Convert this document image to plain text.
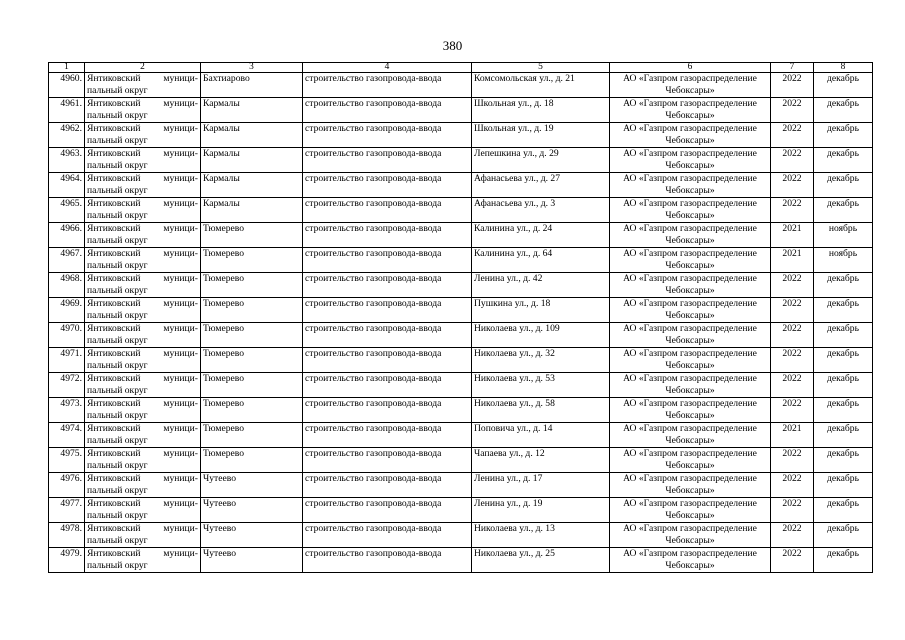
380
1	2	3	4	5	6	7	8
4960.	Янтиковский муници-пальный округ	Бахтиарово	строительство газопровода-ввода	Комсомольская ул., д. 21	АО «Газпром газораспределение Чебоксары»	2022	декабрь
4961.	Янтиковский муници-пальный округ	Кармалы	строительство газопровода-ввода	Школьная ул., д. 18	АО «Газпром газораспределение Чебоксары»	2022	декабрь
4962.	Янтиковский муници-пальный округ	Кармалы	строительство газопровода-ввода	Школьная ул., д. 19	АО «Газпром газораспределение Чебоксары»	2022	декабрь
4963.	Янтиковский муници-пальный округ	Кармалы	строительство газопровода-ввода	Лепешкина ул., д. 29	АО «Газпром газораспределение Чебоксары»	2022	декабрь
4964.	Янтиковский муници-пальный округ	Кармалы	строительство газопровода-ввода	Афанасьева ул., д. 27	АО «Газпром газораспределение Чебоксары»	2022	декабрь
4965.	Янтиковский муници-пальный округ	Кармалы	строительство газопровода-ввода	Афанасьева ул., д. 3	АО «Газпром газораспределение Чебоксары»	2022	декабрь
4966.	Янтиковский муници-пальный округ	Тюмерево	строительство газопровода-ввода	Калинина ул., д. 24	АО «Газпром газораспределение Чебоксары»	2021	ноябрь
4967.	Янтиковский муници-пальный округ	Тюмерево	строительство газопровода-ввода	Калинина ул., д. 64	АО «Газпром газораспределение Чебоксары»	2021	ноябрь
4968.	Янтиковский муници-пальный округ	Тюмерево	строительство газопровода-ввода	Ленина ул., д. 42	АО «Газпром газораспределение Чебоксары»	2022	декабрь
4969.	Янтиковский муници-пальный округ	Тюмерево	строительство газопровода-ввода	Пушкина ул., д. 18	АО «Газпром газораспределение Чебоксары»	2022	декабрь
4970.	Янтиковский муници-пальный округ	Тюмерево	строительство газопровода-ввода	Николаева ул., д. 109	АО «Газпром газораспределение Чебоксары»	2022	декабрь
4971.	Янтиковский муници-пальный округ	Тюмерево	строительство газопровода-ввода	Николаева ул., д. 32	АО «Газпром газораспределение Чебоксары»	2022	декабрь
4972.	Янтиковский муници-пальный округ	Тюмерево	строительство газопровода-ввода	Николаева ул., д. 53	АО «Газпром газораспределение Чебоксары»	2022	декабрь
4973.	Янтиковский муници-пальный округ	Тюмерево	строительство газопровода-ввода	Николаева ул., д. 58	АО «Газпром газораспределение Чебоксары»	2022	декабрь
4974.	Янтиковский муници-пальный округ	Тюмерево	строительство газопровода-ввода	Поповича ул., д. 14	АО «Газпром газораспределение Чебоксары»	2021	декабрь
4975.	Янтиковский муници-пальный округ	Тюмерево	строительство газопровода-ввода	Чапаева ул., д. 12	АО «Газпром газораспределение Чебоксары»	2022	декабрь
4976.	Янтиковский муници-пальный округ	Чутеево	строительство газопровода-ввода	Ленина ул., д. 17	АО «Газпром газораспределение Чебоксары»	2022	декабрь
4977.	Янтиковский муници-пальный округ	Чутеево	строительство газопровода-ввода	Ленина ул., д. 19	АО «Газпром газораспределение Чебоксары»	2022	декабрь
4978.	Янтиковский муници-пальный округ	Чутеево	строительство газопровода-ввода	Николаева ул., д. 13	АО «Газпром газораспределение Чебоксары»	2022	декабрь
4979.	Янтиковский муници-пальный округ	Чутеево	строительство газопровода-ввода	Николаева ул., д. 25	АО «Газпром газораспределение Чебоксары»	2022	декабрь
